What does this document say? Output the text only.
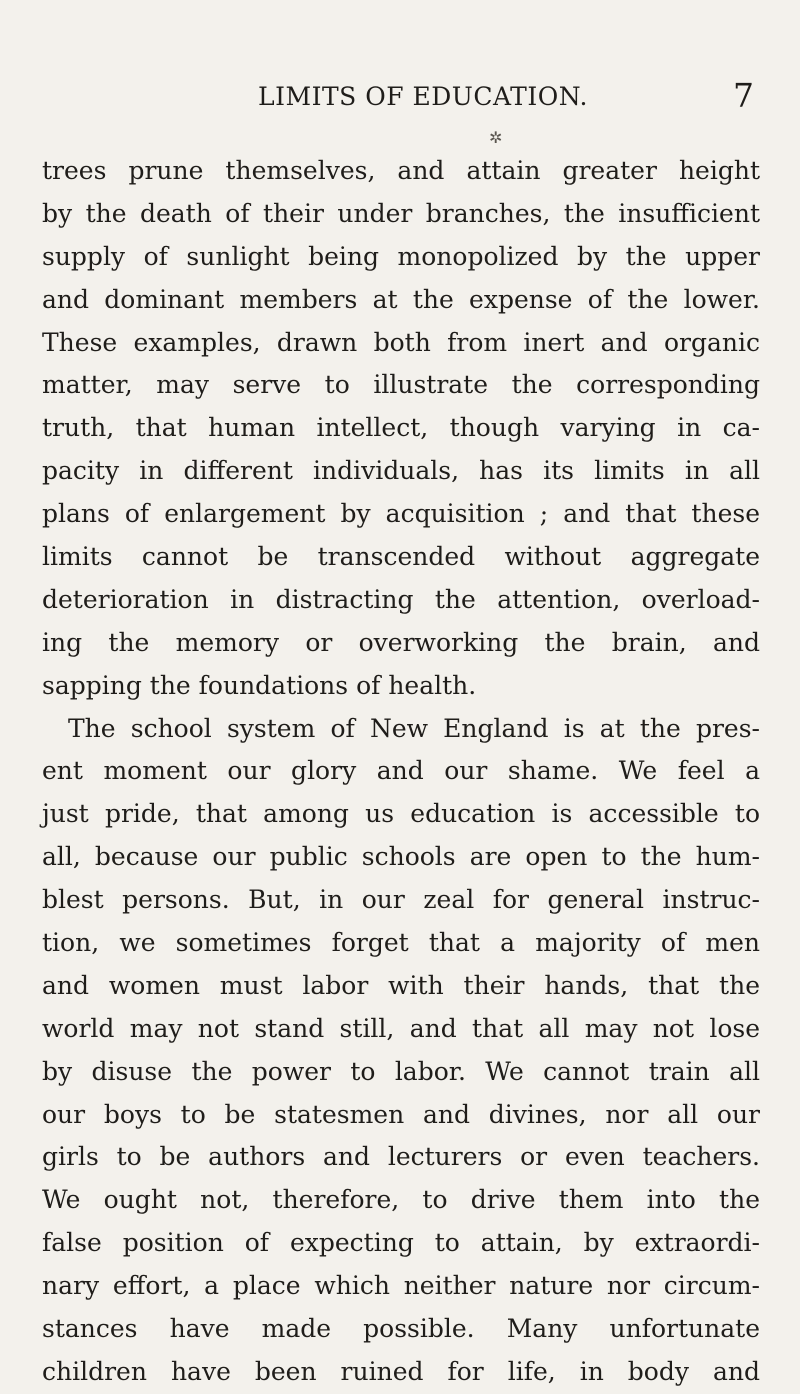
LIMITS OF EDUCATION.	7
✲
trees prune themselves, and attain greater height
by the death of their under branches, the insufficient
supply of sunlight being monopolized by the upper
and dominant members at the expense of the lower.
These examples, drawn both from inert and organic
matter, may serve to illustrate the corresponding
truth, that human intellect, though varying in ca-
pacity in different individuals, has its limits in all
plans of enlargement by acquisition ; and that these
limits cannot be transcended without aggregate
deterioration in distracting the attention, overload-
ing the memory or overworking the brain, and
sapping the foundations of health.
The school system of New England is at the pres-
ent moment our glory and our shame. We feel a
just pride, that among us education is accessible to
all, because our public schools are open to the hum-
blest persons. But, in our zeal for general instruc-
tion, we sometimes forget that a majority of men
and women must labor with their hands, that the
world may not stand still, and that all may not lose
by disuse the power to labor. We cannot train all
our boys to be statesmen and divines, nor all our
girls to be authors and lecturers or even teachers.
We ought not, therefore, to drive them into the
false position of expecting to attain, by extraordi-
nary effort, a place which neither nature nor circum-
stances have made possible. Many unfortunate
children have been ruined for life, in body and
